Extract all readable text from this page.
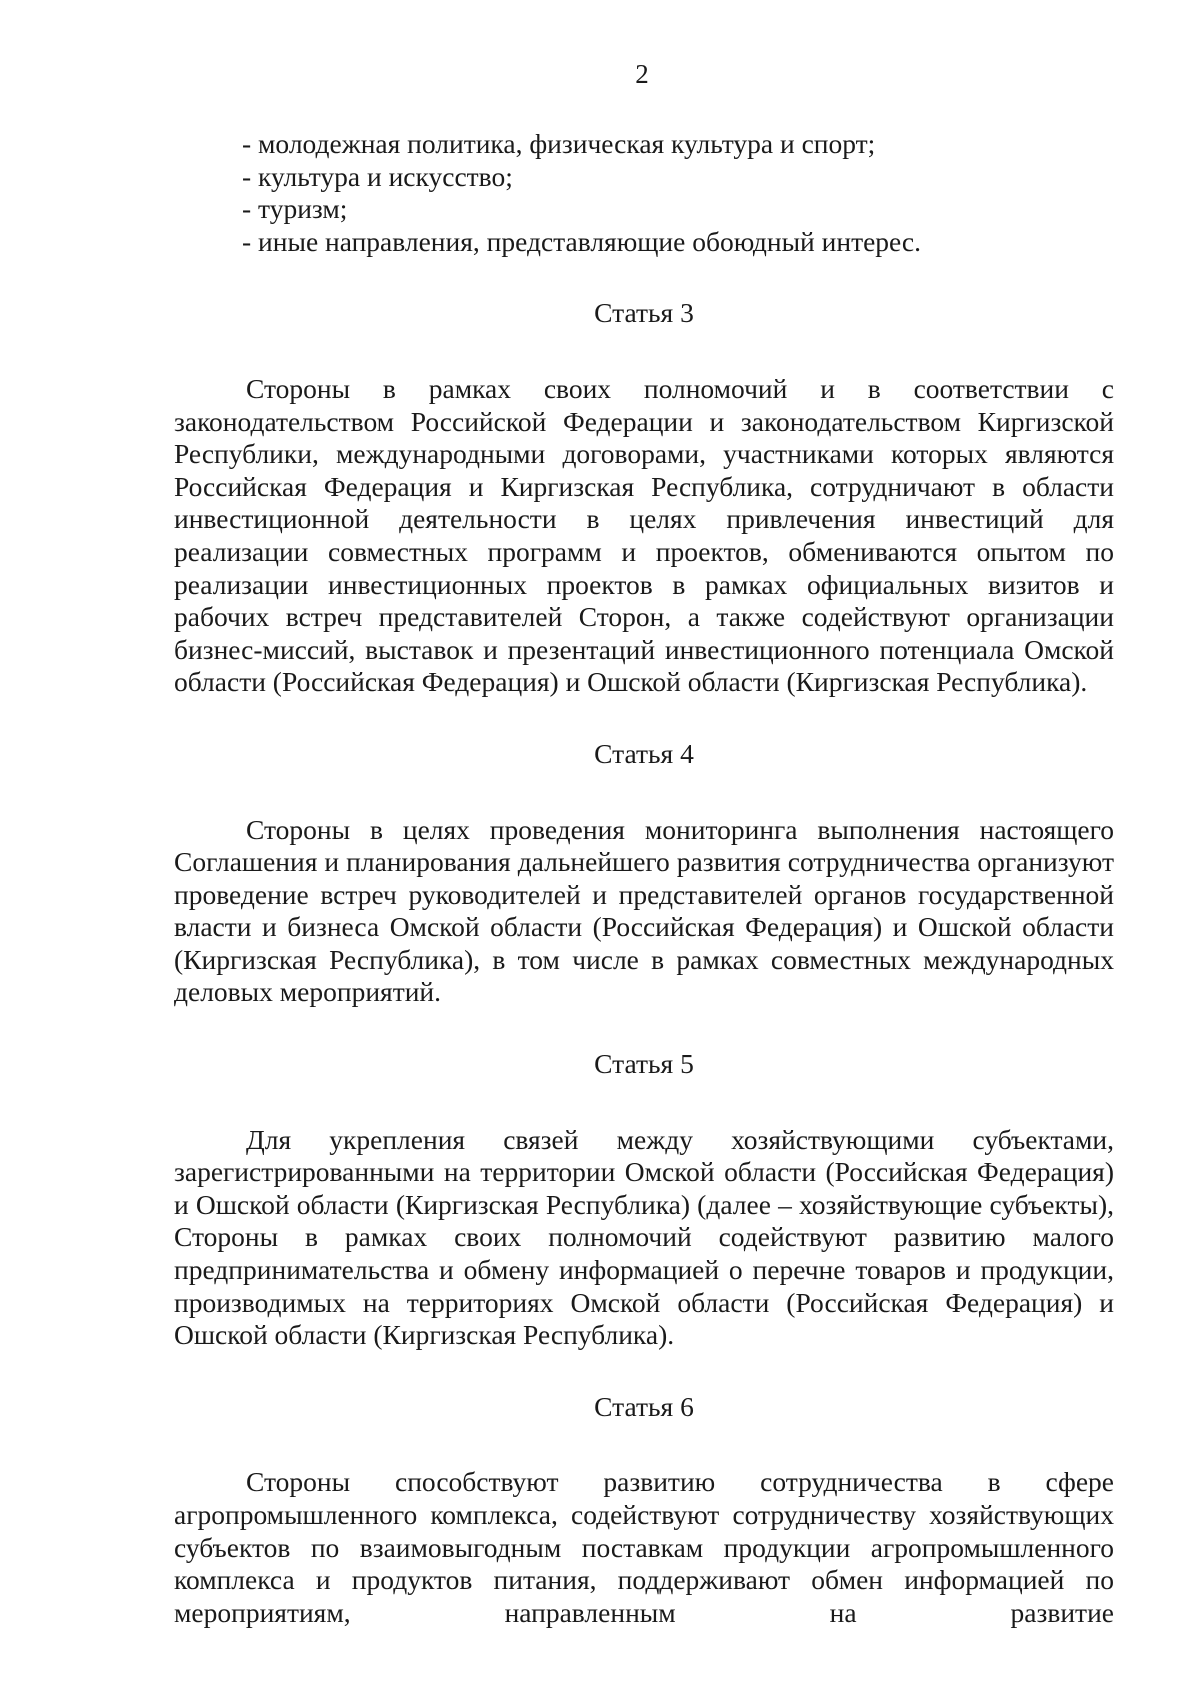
2
- молодежная политика, физическая культура и спорт;
- культура и искусство;
- туризм;
- иные направления, представляющие обоюдный интерес.

Статья 3

Стороны в рамках своих полномочий и в соответствии с законодательством Российской Федерации и законодательством Киргизской Республики, международными договорами, участниками которых являются Российская Федерация и Киргизская Республика, сотрудничают в области инвестиционной деятельности в целях привлечения инвестиций для реализации совместных программ и проектов, обмениваются опытом по реализации инвестиционных проектов в рамках официальных визитов и рабочих встреч представителей Сторон, а также содействуют организации бизнес-миссий, выставок и презентаций инвестиционного потенциала Омской области (Российская Федерация) и Ошской области (Киргизская Республика).

Статья 4

Стороны в целях проведения мониторинга выполнения настоящего Соглашения и планирования дальнейшего развития сотрудничества организуют проведение встреч руководителей и представителей органов государственной власти и бизнеса Омской области (Российская Федерация) и Ошской области (Киргизская Республика), в том числе в рамках совместных международных деловых мероприятий.

Статья 5

Для укрепления связей между хозяйствующими субъектами, зарегистрированными на территории Омской области (Российская Федерация) и Ошской области (Киргизская Республика) (далее – хозяйствующие субъекты), Стороны в рамках своих полномочий содействуют развитию малого предпринимательства и обмену информацией о перечне товаров и продукции, производимых на территориях Омской области (Российская Федерация) и Ошской области (Киргизская Республика).

Статья 6

Стороны способствуют развитию сотрудничества в сфере агропромышленного комплекса, содействуют сотрудничеству хозяйствующих субъектов по взаимовыгодным поставкам продукции агропромышленного комплекса и продуктов питания, поддерживают обмен информацией по мероприятиям, направленным на развитие
